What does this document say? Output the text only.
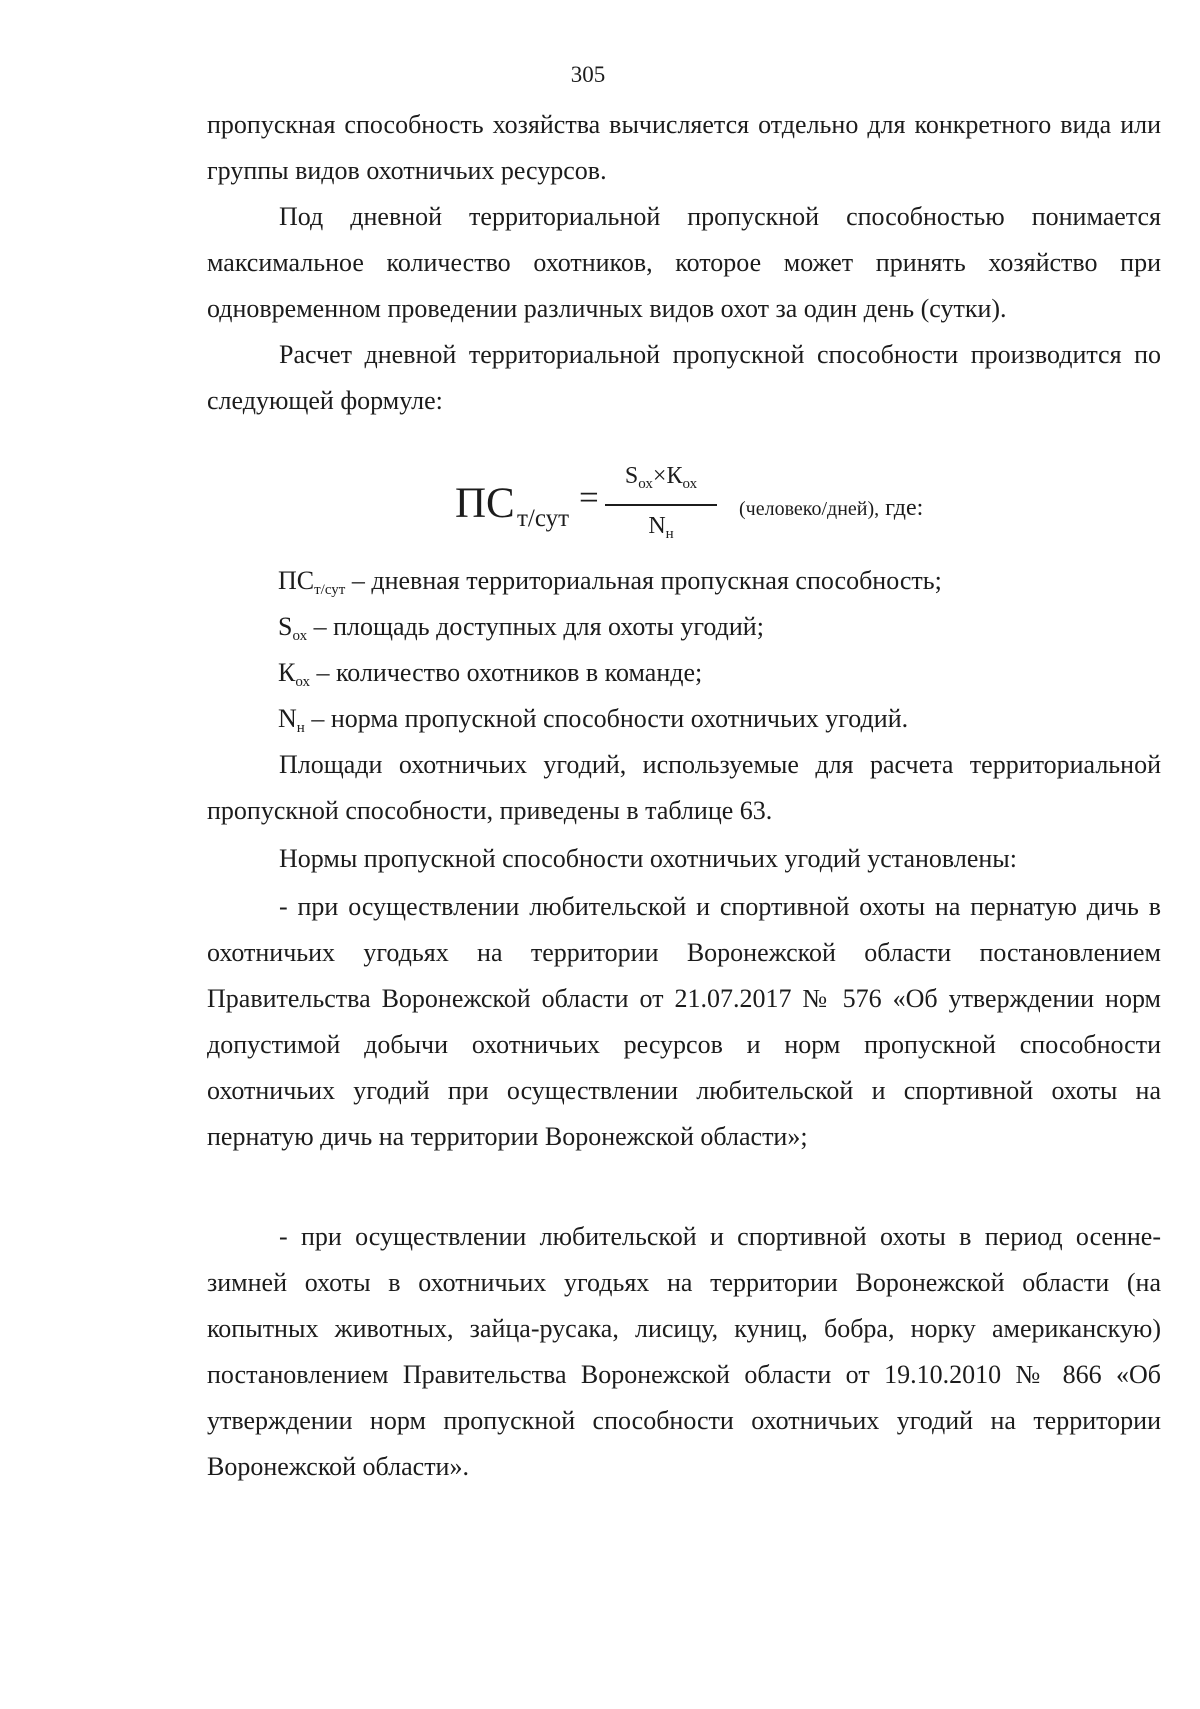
305

пропускная способность хозяйства вычисляется отдельно для конкретного вида или группы видов охотничьих ресурсов.

Под дневной территориальной пропускной способностью понимается максимальное количество охотников, которое может принять хозяйство при одновременном проведении различных видов охот за один день (сутки).

Расчет дневной территориальной пропускной способности производится по следующей формуле:

ПС т/сут
=
$S_{ох}\times К_{ох}$
$N_н$
(человеко/дней), где:
$ПС_{т/сут}$ – дневная территориальная пропускная способность;
$S_{ох}$ – площадь доступных для охоты угодий;
$К_{ох}$ – количество охотников в команде;
$N_н$ – норма пропускной способности охотничьих угодий.

Площади охотничьих угодий, используемые для расчета территориальной пропускной способности, приведены в таблице 63.

Нормы пропускной способности охотничьих угодий установлены:

- при осуществлении любительской и спортивной охоты на пернатую дичь в охотничьих угодьях на территории Воронежской области постановлением Правительства Воронежской области от 21.07.2017 № 576 «Об утверждении норм допустимой добычи охотничьих ресурсов и норм пропускной способности охотничьих угодий при осуществлении любительской и спортивной охоты на пернатую дичь на территории Воронежской области»;

- при осуществлении любительской и спортивной охоты в период осенне-зимней охоты в охотничьих угодьях на территории Воронежской области (на копытных животных, зайца-русака, лисицу, куниц, бобра, норку американскую) постановлением Правительства Воронежской области от 19.10.2010 № 866 «Об утверждении норм пропускной способности охотничьих угодий на территории Воронежской области».
